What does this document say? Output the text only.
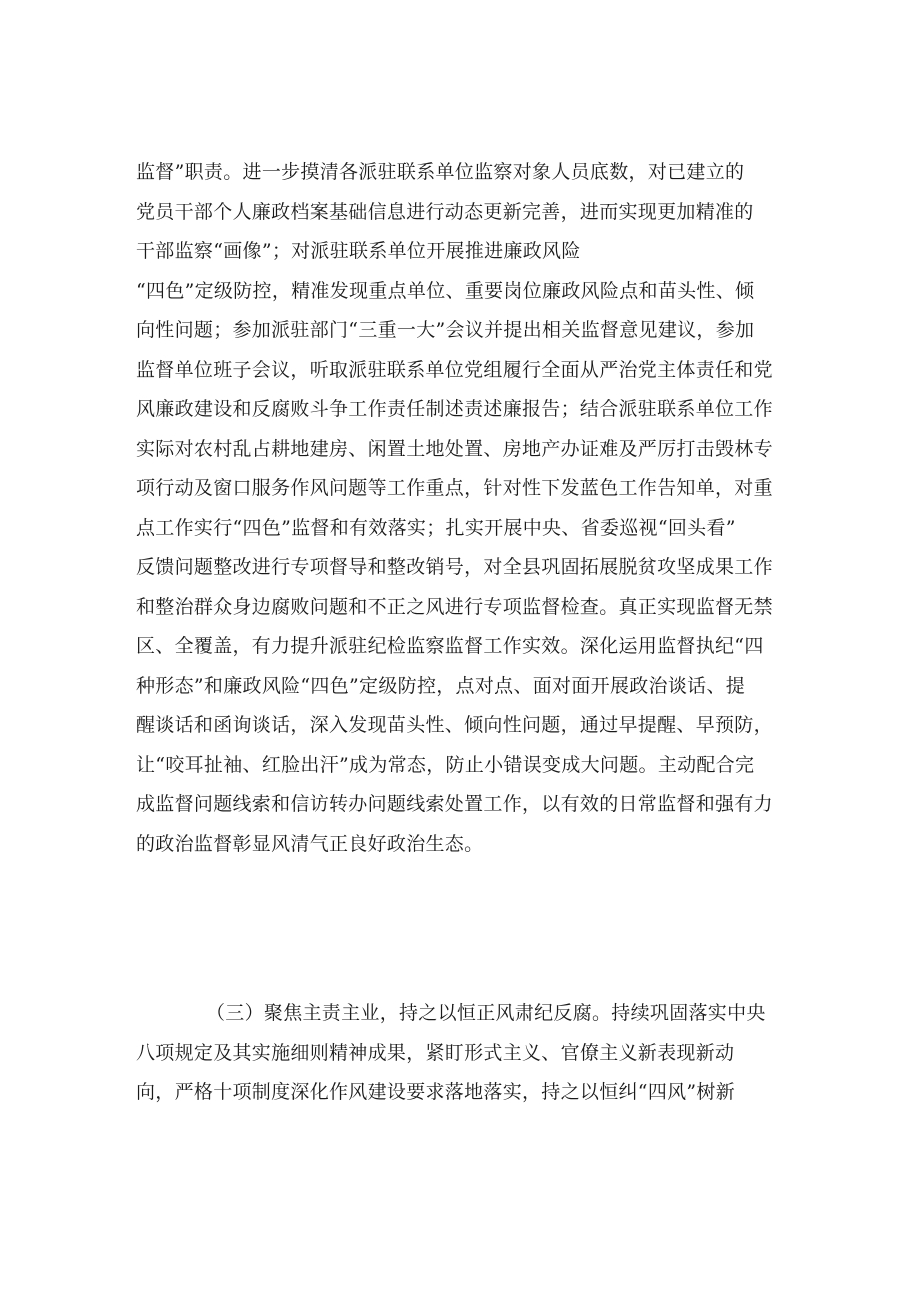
监督”职责。进一步摸清各派驻联系单位监察对象人员底数，对已建立的
党员干部个人廉政档案基础信息进行动态更新完善，进而实现更加精准的
干部监察“画像”；对派驻联系单位开展推进廉政风险
“四色”定级防控，精准发现重点单位、重要岗位廉政风险点和苗头性、倾
向性问题；参加派驻部门“三重一大”会议并提出相关监督意见建议，参加
监督单位班子会议，听取派驻联系单位党组履行全面从严治党主体责任和党
风廉政建设和反腐败斗争工作责任制述责述廉报告；结合派驻联系单位工作
实际对农村乱占耕地建房、闲置土地处置、房地产办证难及严厉打击毁林专
项行动及窗口服务作风问题等工作重点，针对性下发蓝色工作告知单，对重
点工作实行“四色”监督和有效落实；扎实开展中央、省委巡视“回头看”
反馈问题整改进行专项督导和整改销号，对全县巩固拓展脱贫攻坚成果工作
和整治群众身边腐败问题和不正之风进行专项监督检查。真正实现监督无禁
区、全覆盖，有力提升派驻纪检监察监督工作实效。深化运用监督执纪“四
种形态”和廉政风险“四色”定级防控，点对点、面对面开展政治谈话、提
醒谈话和函询谈话，深入发现苗头性、倾向性问题，通过早提醒、早预防，
让“咬耳扯袖、红脸出汗”成为常态，防止小错误变成大问题。主动配合完
成监督问题线索和信访转办问题线索处置工作，以有效的日常监督和强有力
的政治监督彰显风清气正良好政治生态。
（三）聚焦主责主业，持之以恒正风肃纪反腐。持续巩固落实中央
八项规定及其实施细则精神成果，紧盯形式主义、官僚主义新表现新动
向，严格十项制度深化作风建设要求落地落实，持之以恒纠“四风”树新
